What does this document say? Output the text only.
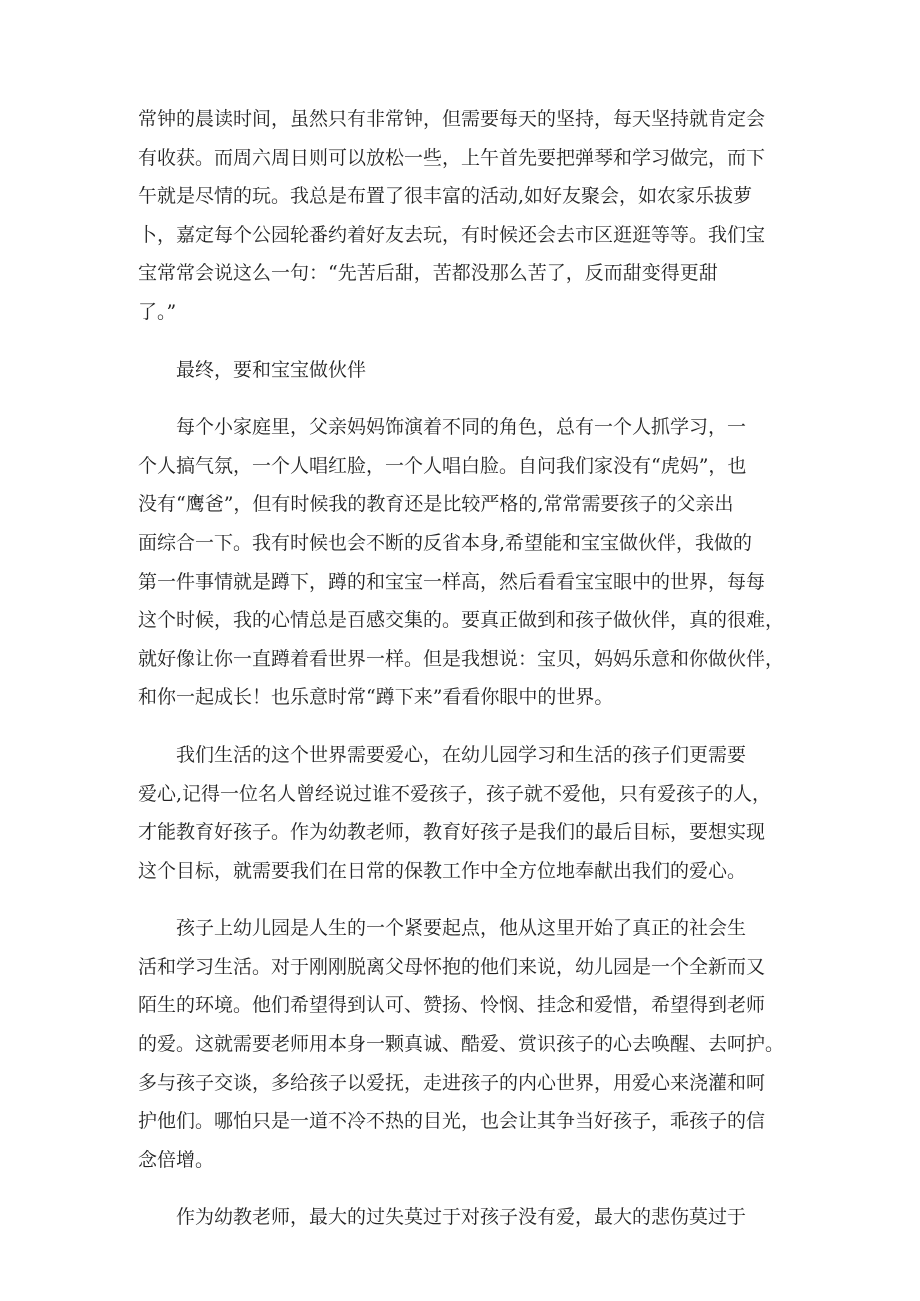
常钟的晨读时间，虽然只有非常钟，但需要每天的坚持，每天坚持就肯定会
有收获。而周六周日则可以放松一些，上午首先要把弹琴和学习做完，而下
午就是尽情的玩。我总是布置了很丰富的活动,如好友聚会，如农家乐拔萝
卜，嘉定每个公园轮番约着好友去玩，有时候还会去市区逛逛等等。我们宝
宝常常会说这么一句：“先苦后甜，苦都没那么苦了，反而甜变得更甜
了。”

　　最终，要和宝宝做伙伴

　　每个小家庭里，父亲妈妈饰演着不同的角色，总有一个人抓学习，一
个人搞气氛，一个人唱红脸，一个人唱白脸。自问我们家没有“虎妈”，也
没有“鹰爸”，但有时候我的教育还是比较严格的,常常需要孩子的父亲出
面综合一下。我有时候也会不断的反省本身,希望能和宝宝做伙伴，我做的
第一件事情就是蹲下，蹲的和宝宝一样高，然后看看宝宝眼中的世界，每每
这个时候，我的心情总是百感交集的。要真正做到和孩子做伙伴，真的很难，
就好像让你一直蹲着看世界一样。但是我想说：宝贝，妈妈乐意和你做伙伴，
和你一起成长！也乐意时常“蹲下来”看看你眼中的世界。

　　我们生活的这个世界需要爱心，在幼儿园学习和生活的孩子们更需要
爱心,记得一位名人曾经说过谁不爱孩子，孩子就不爱他，只有爱孩子的人，
才能教育好孩子。作为幼教老师，教育好孩子是我们的最后目标，要想实现
这个目标，就需要我们在日常的保教工作中全方位地奉献出我们的爱心。

　　孩子上幼儿园是人生的一个紧要起点，他从这里开始了真正的社会生
活和学习生活。对于刚刚脱离父母怀抱的他们来说，幼儿园是一个全新而又
陌生的环境。他们希望得到认可、赞扬、怜悯、挂念和爱惜，希望得到老师
的爱。这就需要老师用本身一颗真诚、酷爱、赏识孩子的心去唤醒、去呵护。
多与孩子交谈，多给孩子以爱抚，走进孩子的内心世界，用爱心来浇灌和呵
护他们。哪怕只是一道不冷不热的目光，也会让其争当好孩子，乖孩子的信
念倍增。

　　作为幼教老师，最大的过失莫过于对孩子没有爱，最大的悲伤莫过于
